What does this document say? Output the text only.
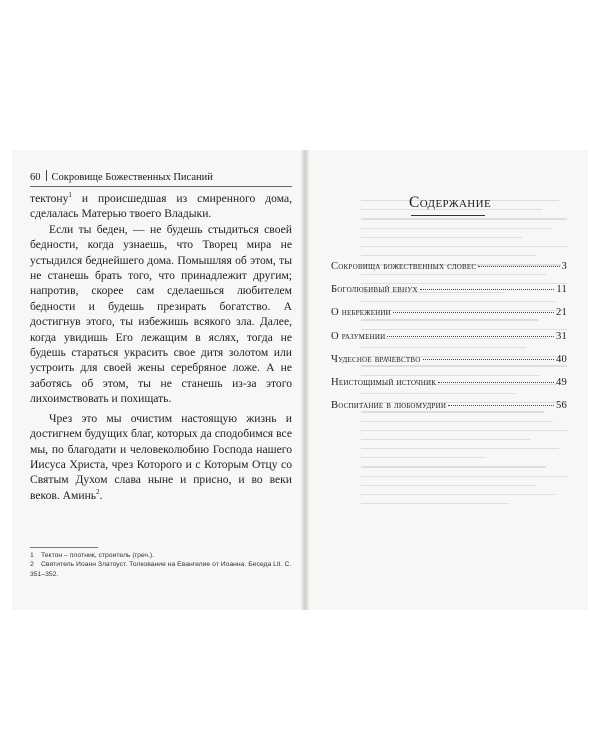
60 Сокровище Божественных Писаний

тектону$^1$ и происшедшая из смиренного дома, сделалась Матерью твоего Владыки.

Если ты беден, — не будешь стыдиться своей бедности, когда узнаешь, что Творец мира не устыдился беднейшего дома. Помышляя об этом, ты не станешь брать того, что принадлежит другим; напротив, скорее сам сделаешься любителем бедности и будешь презирать богатство. А достигнув этого, ты избежишь всякого зла. Далее, когда увидишь Его лежащим в яслях, тогда не будешь стараться украсить свое дитя золотом или устроить для своей жены серебряное ложе. А не заботясь об этом, ты не станешь из-за этого лихоимствовать и похищать.

Чрез это мы очистим настоящую жизнь и достигнем будущих благ, которых да сподобимся все мы, по благодати и человеколюбию Господа нашего Иисуса Христа, чрез Которого и с Которым Отцу со Святым Духом слава ныне и присно, и во веки веков. Аминь$^2$.

1 Тектон – плотник, строитель (греч.).
2 Святитель Иоанн Златоуст. Толкование на Евангелие от Иоанна. Беседа LII. С. 351–352.
Содержание
Сокровища божественных словес	3
Боголюбивый евнух	11
О небрежении	21
О разумении	31
Чудесное врачевство	40
Неистощимый источник	49
Воспитание в любомудрии	56
